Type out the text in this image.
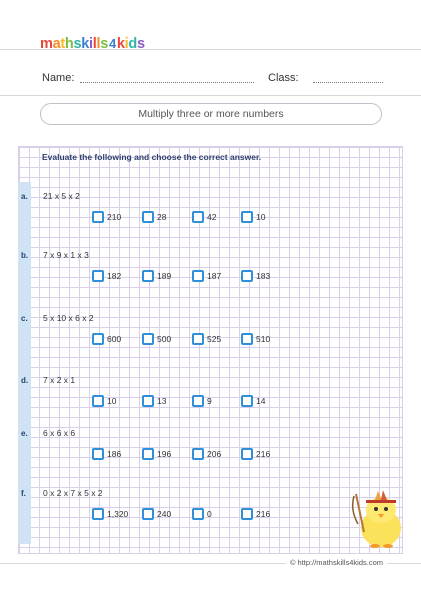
m a t h s k i l l s 4 k i d s
Name:	Class:
Multiply three or more numbers
Evaluate the following and choose the correct answer.
a. 21 x 5 x 2
210	28	42	10
b. 7 x 9 x 1 x 3
182	189	187	183
c. 5 x 10 x 6 x 2
600	500	525	510
d. 7 x 2 x 1
10	13	9	14
e. 6 x 6 x 6
186	196	206	216
f. 0 x 2 x 7 x 5 x 2
1,320	240	0	216
© http://mathskills4kids.com
